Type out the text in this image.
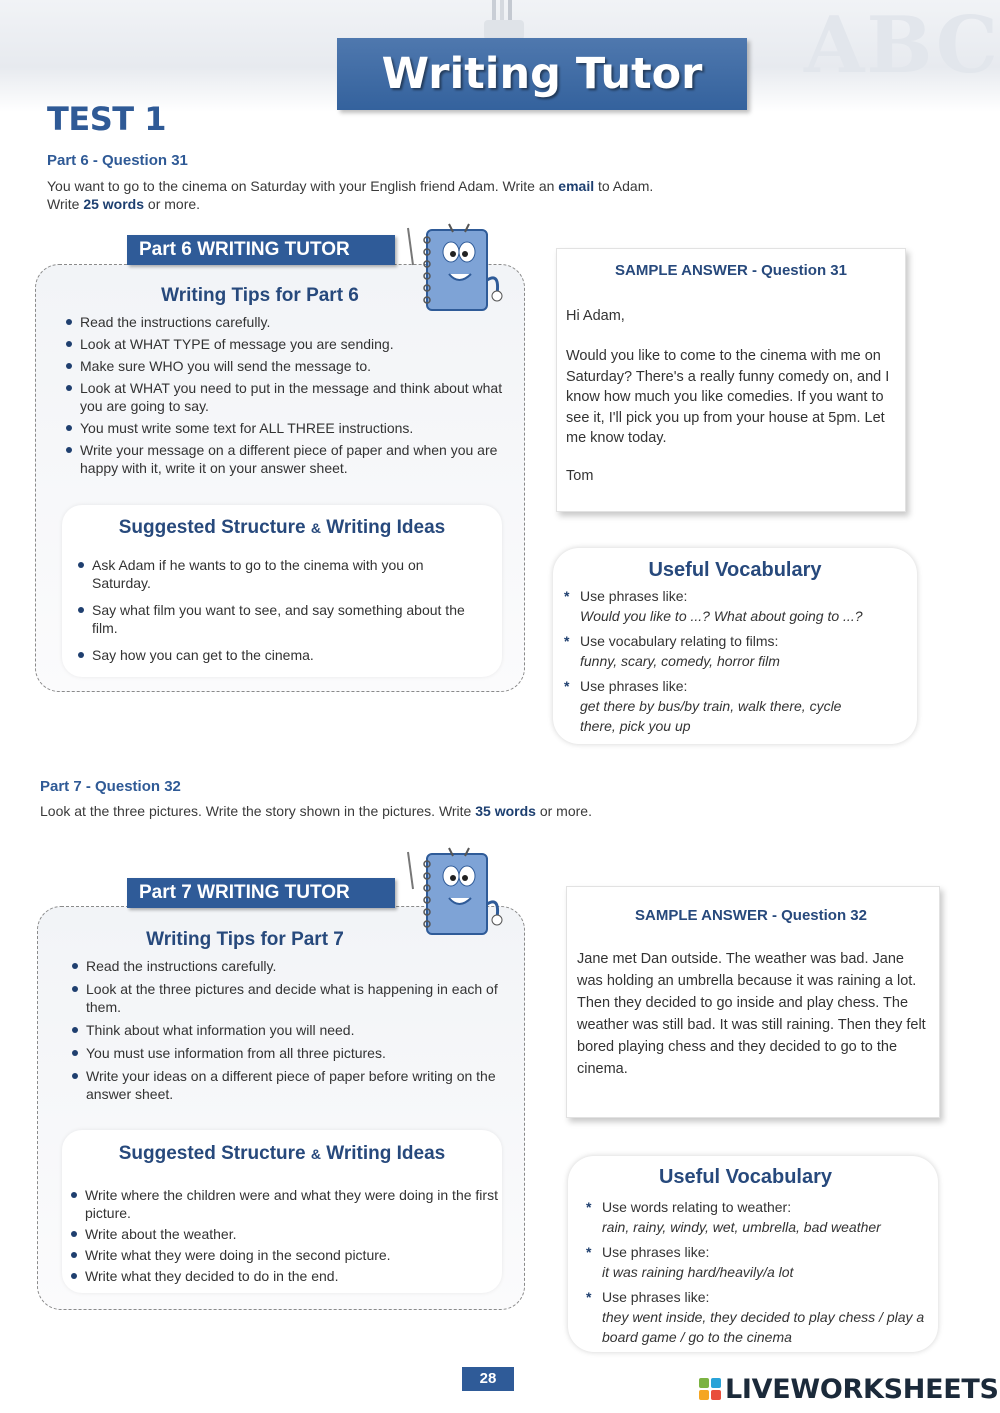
ABC
Writing Tutor
TEST 1
Part 6 - Question 31
You want to go to the cinema on Saturday with your English friend Adam. Write an email to Adam.
Write 25 words or more.
Part 6 WRITING TUTOR
Writing Tips for Part 6
Read the instructions carefully.
Look at WHAT TYPE of message you are sending.
Make sure WHO you will send the message to.
Look at WHAT you need to put in the message and think about what you are going to say.
You must write some text for ALL THREE instructions.
Write your message on a different piece of paper and when you are happy with it, write it on your answer sheet.
Suggested Structure & Writing Ideas
Ask Adam if he wants to go to the cinema with you on Saturday.
Say what film you want to see, and say something about the film.
Say how you can get to the cinema.
SAMPLE ANSWER - Question 31
Hi Adam,
Would you like to come to the cinema with me on Saturday? There's a really funny comedy on, and I know how much you like comedies. If you want to see it, I'll pick you up from your house at 5pm. Let me know today.
Tom
Useful Vocabulary
* Use phrases like:
Would you like to ...? What about going to ...?
* Use vocabulary relating to films:
funny, scary, comedy, horror film
* Use phrases like:
get there by bus/by train, walk there, cycle there, pick you up
Part 7 - Question 32
Look at the three pictures. Write the story shown in the pictures. Write 35 words or more.
Part 7 WRITING TUTOR
Writing Tips for Part 7
Read the instructions carefully.
Look at the three pictures and decide what is happening in each of them.
Think about what information you will need.
You must use information from all three pictures.
Write your ideas on a different piece of paper before writing on the answer sheet.
Suggested Structure & Writing Ideas
Write where the children were and what they were doing in the first picture.
Write about the weather.
Write what they were doing in the second picture.
Write what they decided to do in the end.
SAMPLE ANSWER - Question 32
Jane met Dan outside. The weather was bad. Jane was holding an umbrella because it was raining a lot. Then they decided to go inside and play chess. The weather was still bad. It was still raining. Then they felt bored playing chess and they decided to go to the cinema.
Useful Vocabulary
* Use words relating to weather:
rain, rainy, windy, wet, umbrella, bad weather
* Use phrases like:
it was raining hard/heavily/a lot
* Use phrases like:
they went inside, they decided to play chess / play a board game / go to the cinema
28	LIVEWORKSHEETS
